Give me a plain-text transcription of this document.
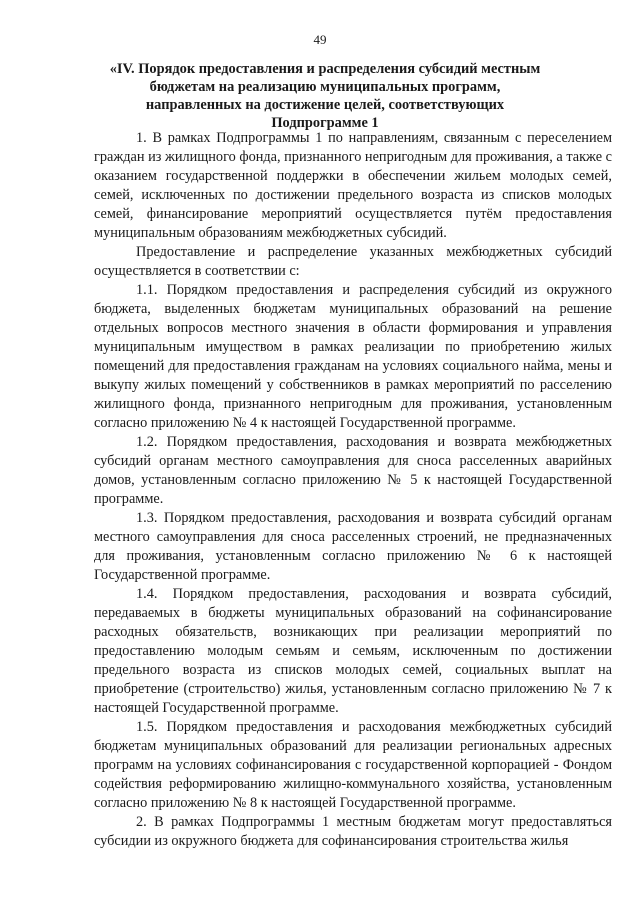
49
«IV. Порядок предоставления и распределения субсидий местным бюджетам на реализацию муниципальных программ, направленных на достижение целей, соответствующих Подпрограмме 1

1. В рамках Подпрограммы 1 по направлениям, связанным с переселением граждан из жилищного фонда, признанного непригодным для проживания, а также с оказанием государственной поддержки в обеспечении жильем молодых семей, семей, исключенных по достижении предельного возраста из списков молодых семей, финансирование мероприятий осуществляется путём предоставления муниципальным образованиям межбюджетных субсидий.

Предоставление и распределение указанных межбюджетных субсидий осуществляется в соответствии с:

1.1. Порядком предоставления и распределения субсидий из окружного бюджета, выделенных бюджетам муниципальных образований на решение отдельных вопросов местного значения в области формирования и управления муниципальным имуществом в рамках реализации по приобретению жилых помещений для предоставления гражданам на условиях социального найма, мены и выкупу жилых помещений у собственников в рамках мероприятий по расселению жилищного фонда, признанного непригодным для проживания, установленным согласно приложению № 4 к настоящей Государственной программе.

1.2. Порядком предоставления, расходования и возврата межбюджетных субсидий органам местного самоуправления для сноса расселенных аварийных домов, установленным согласно приложению № 5 к настоящей Государственной программе.

1.3. Порядком предоставления, расходования и возврата субсидий органам местного самоуправления для сноса расселенных строений, не предназначенных для проживания, установленным согласно приложению № 6 к настоящей Государственной программе.

1.4. Порядком предоставления, расходования и возврата субсидий, передаваемых в бюджеты муниципальных образований на софинансирование расходных обязательств, возникающих при реализации мероприятий по предоставлению молодым семьям и семьям, исключенным по достижении предельного возраста из списков молодых семей, социальных выплат на приобретение (строительство) жилья, установленным согласно приложению № 7 к настоящей Государственной программе.

1.5. Порядком предоставления и расходования межбюджетных субсидий бюджетам муниципальных образований для реализации региональных адресных программ на условиях софинансирования с государственной корпорацией - Фондом содействия реформированию жилищно-коммунального хозяйства, установленным согласно приложению № 8 к настоящей Государственной программе.

2. В рамках Подпрограммы 1 местным бюджетам могут предоставляться субсидии из окружного бюджета для софинансирования строительства жилья
